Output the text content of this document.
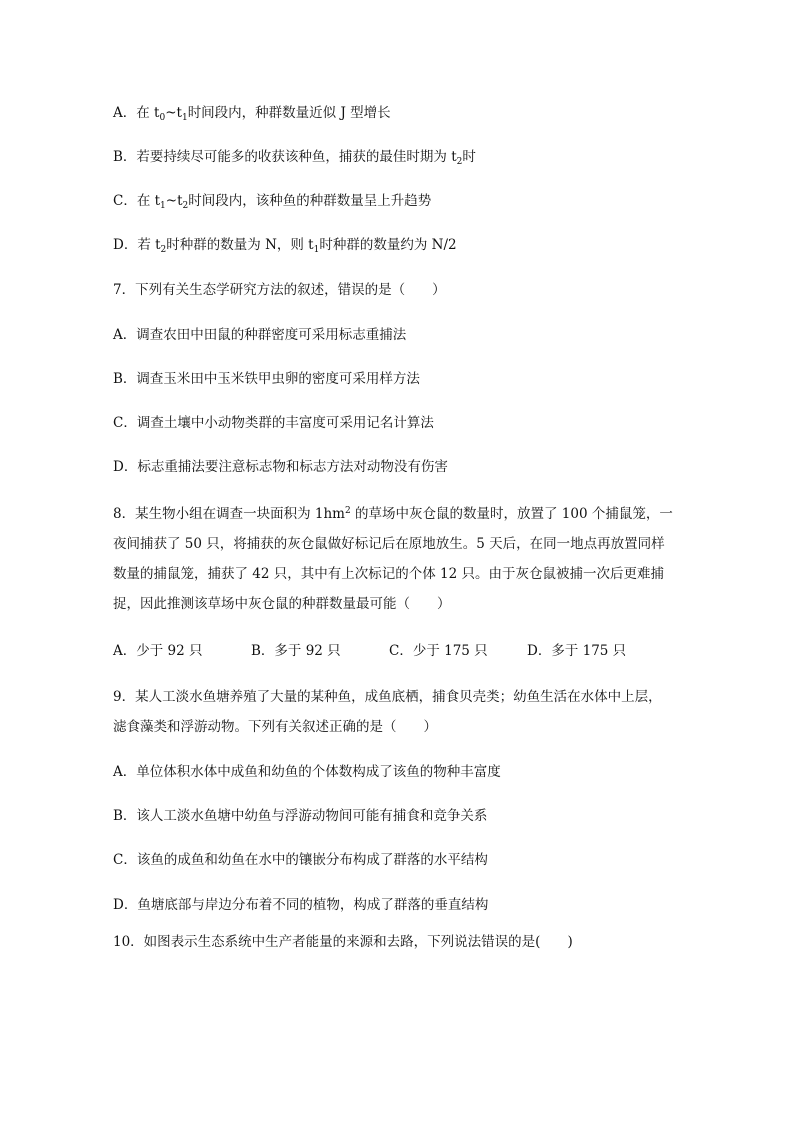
A．在 $t_0\sim t_1$时间段内，种群数量近似 J 型增长
B．若要持续尽可能多的收获该种鱼，捕获的最佳时期为 $t_2$时
C．在 $t_1\sim t_2$时间段内，该种鱼的种群数量呈上升趋势
D．若 $t_2$时种群的数量为 N，则 $t_1$时种群的数量约为 N/2
7．下列有关生态学研究方法的叙述，错误的是（　　）
A．调查农田中田鼠的种群密度可采用标志重捕法
B．调查玉米田中玉米铁甲虫卵的密度可采用样方法
C．调查土壤中小动物类群的丰富度可采用记名计算法
D．标志重捕法要注意标志物和标志方法对动物没有伤害
8．某生物小组在调查一块面积为 $1hm^2$ 的草场中灰仓鼠的数量时，放置了 100 个捕鼠笼，一
夜间捕获了 50 只，将捕获的灰仓鼠做好标记后在原地放生。5 天后，在同一地点再放置同样
数量的捕鼠笼，捕获了 42 只，其中有上次标记的个体 12 只。由于灰仓鼠被捕一次后更难捕
捉，因此推测该草场中灰仓鼠的种群数量最可能（　　）
A．少于 92 只	B．多于 92 只	C．少于 175 只	D．多于 175 只
9．某人工淡水鱼塘养殖了大量的某种鱼，成鱼底栖，捕食贝壳类；幼鱼生活在水体中上层，
滤食藻类和浮游动物。下列有关叙述正确的是（　　）
A．单位体积水体中成鱼和幼鱼的个体数构成了该鱼的物种丰富度
B．该人工淡水鱼塘中幼鱼与浮游动物间可能有捕食和竞争关系
C．该鱼的成鱼和幼鱼在水中的镶嵌分布构成了群落的水平结构
D．鱼塘底部与岸边分布着不同的植物，构成了群落的垂直结构
10．如图表示生态系统中生产者能量的来源和去路，下列说法错误的是(　　)
